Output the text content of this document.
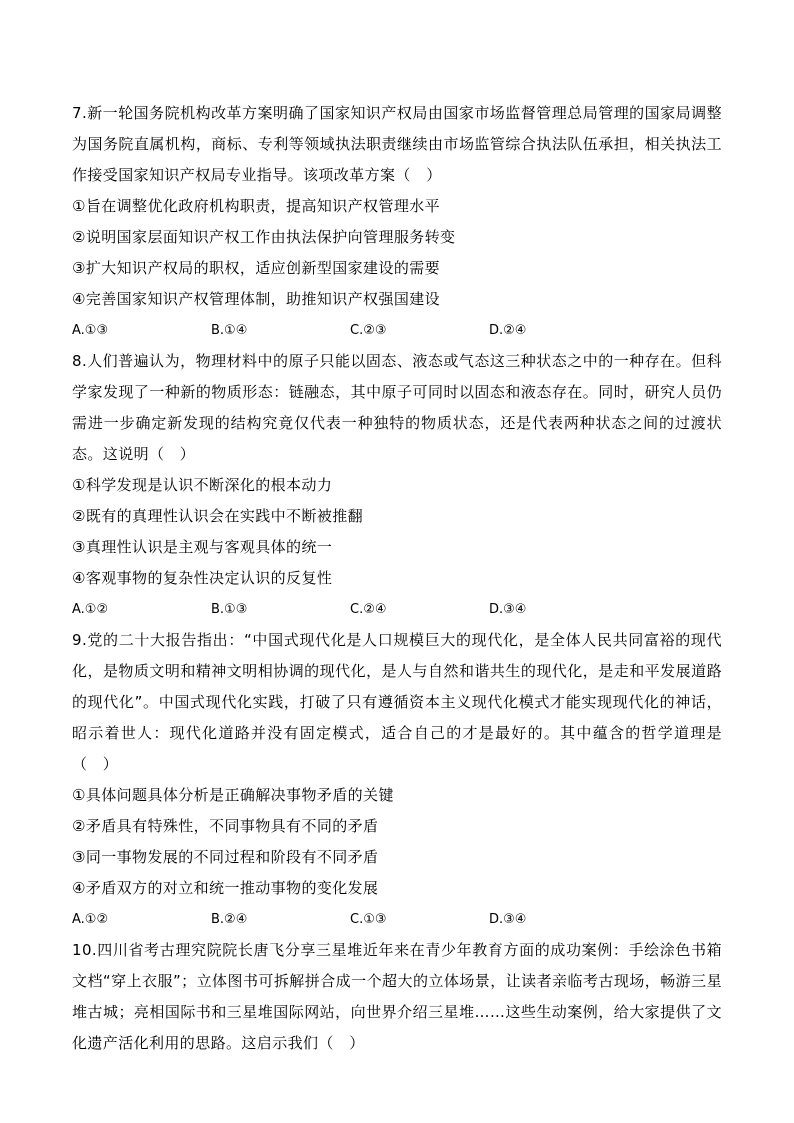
7.新一轮国务院机构改革方案明确了国家知识产权局由国家市场监督管理总局管理的国家局调整为国务院直属机构，商标、专利等领域执法职责继续由市场监管综合执法队伍承担，相关执法工作接受国家知识产权局专业指导。该项改革方案（　）

①旨在调整优化政府机构职责，提高知识产权管理水平

②说明国家层面知识产权工作由执法保护向管理服务转变

③扩大知识产权局的职权，适应创新型国家建设的需要

④完善国家知识产权管理体制，助推知识产权强国建设

A.①③	B.①④	C.②③	D.②④

8.人们普遍认为，物理材料中的原子只能以固态、液态或气态这三种状态之中的一种存在。但科学家发现了一种新的物质形态：链融态，其中原子可同时以固态和液态存在。同时，研究人员仍需进一步确定新发现的结构究竟仅代表一种独特的物质状态，还是代表两种状态之间的过渡状态。这说明（　）

①科学发现是认识不断深化的根本动力

②既有的真理性认识会在实践中不断被推翻

③真理性认识是主观与客观具体的统一

④客观事物的复杂性决定认识的反复性

A.①②	B.①③	C.②④	D.③④

9.党的二十大报告指出：“中国式现代化是人口规模巨大的现代化，是全体人民共同富裕的现代化，是物质文明和精神文明相协调的现代化，是人与自然和谐共生的现代化，是走和平发展道路的现代化”。中国式现代化实践，打破了只有遵循资本主义现代化模式才能实现现代化的神话，昭示着世人：现代化道路并没有固定模式，适合自己的才是最好的。其中蕴含的哲学道理是（　）

①具体问题具体分析是正确解决事物矛盾的关键

②矛盾具有特殊性，不同事物具有不同的矛盾

③同一事物发展的不同过程和阶段有不同矛盾

④矛盾双方的对立和统一推动事物的变化发展

A.①②	B.②④	C.①③	D.③④

10.四川省考古理究院院长唐飞分享三星堆近年来在青少年教育方面的成功案例：手绘涂色书箱文档“穿上衣服”；立体图书可拆解拼合成一个超大的立体场景，让读者亲临考古现场，畅游三星堆古城；亮相国际书和三星堆国际网站，向世界介绍三星堆……这些生动案例，给大家提供了文化遗产活化利用的思路。这启示我们（　）
